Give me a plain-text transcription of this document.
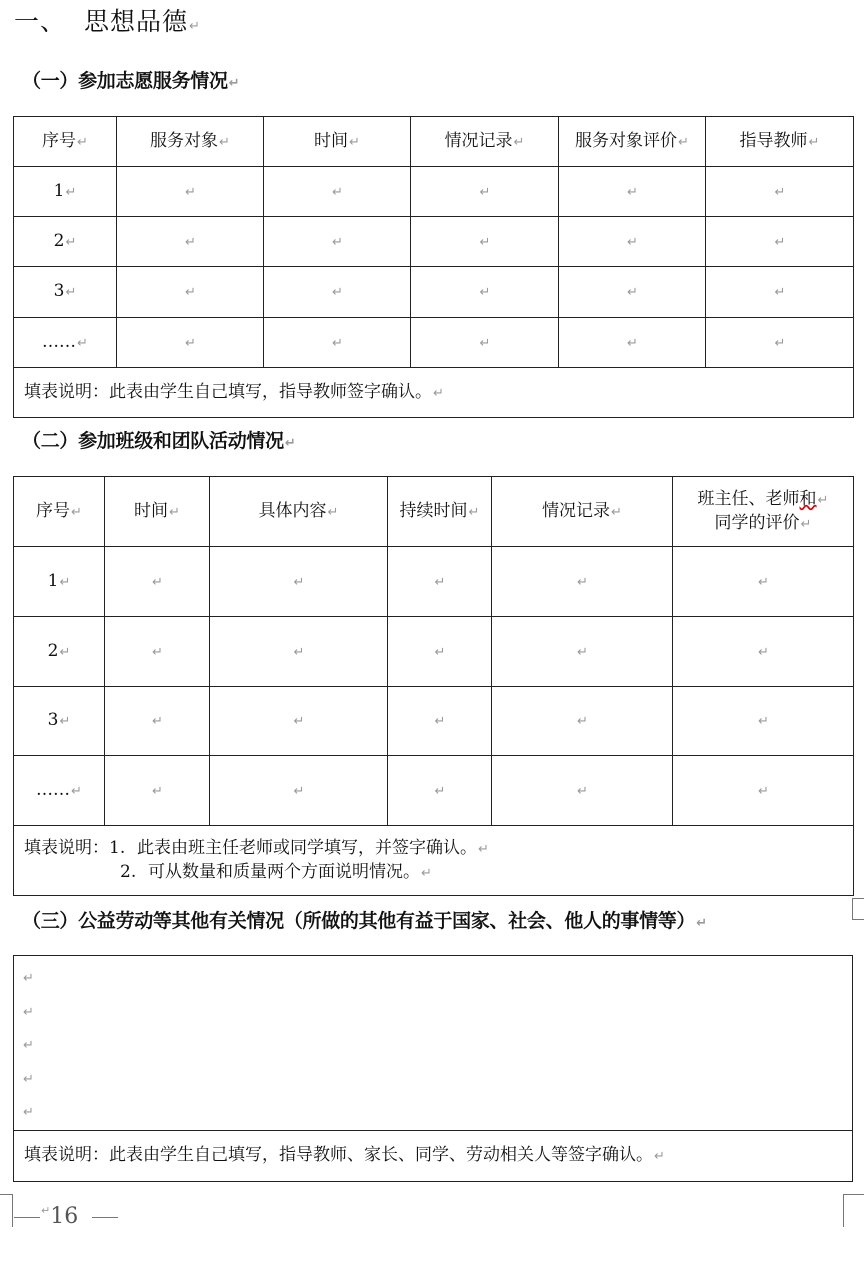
一、 思想品德 ↵
（一）参加志愿服务情况 ↵
序号 ↵	服务对象 ↵	时间 ↵	情况记录 ↵	服务对象评价 ↵	指导教师 ↵
1 ↵	↵	↵	↵	↵	↵
2 ↵	↵	↵	↵	↵	↵
3 ↵	↵	↵	↵	↵	↵
…… ↵	↵	↵	↵	↵	↵
填表说明：此表由学生自己填写，指导教师签字确认。 ↵
（二）参加班级和团队活动情况 ↵
序号 ↵	时间 ↵	具体内容 ↵	持续时间 ↵	情况记录 ↵	班主任、老师和 ↵
同学的评价 ↵

1 ↵	↵	↵	↵	↵	↵
2 ↵	↵	↵	↵	↵	↵
3 ↵	↵	↵	↵	↵	↵
…… ↵	↵	↵	↵	↵	↵

填表说明：1. 此表由班主任老师或同学填写，并签字确认。 ↵
2. 可从数量和质量两个方面说明情况。 ↵
（三）公益劳动等其他有关情况（所做的其他有益于国家、社会、他人的事情等） ↵
↵
↵
↵
↵
↵

填表说明：此表由学生自己填写，指导教师、家长、同学、劳动相关人等签字确认。 ↵
↵16
